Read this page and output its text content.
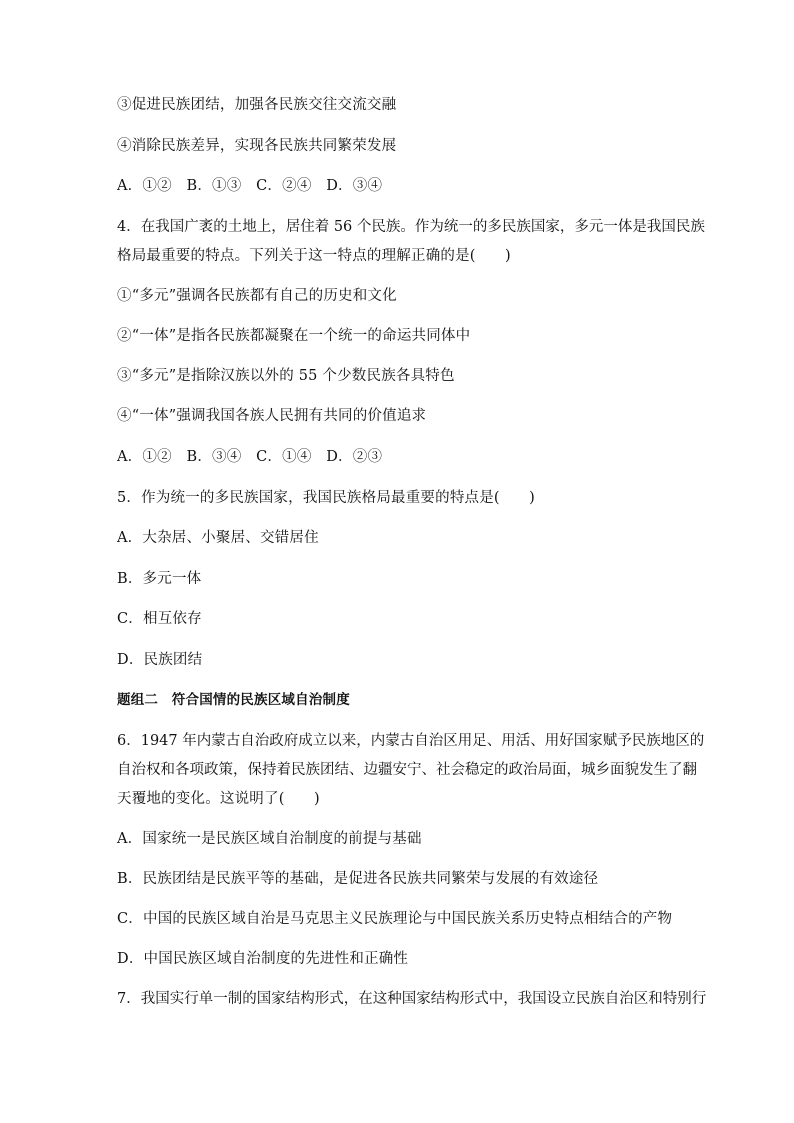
③促进民族团结，加强各民族交往交流交融
④消除民族差异，实现各民族共同繁荣发展
A．①②　B．①③　C．②④　D．③④
4．在我国广袤的土地上，居住着 56 个民族。作为统一的多民族国家，多元一体是我国民族
格局最重要的特点。下列关于这一特点的理解正确的是(　　)
①“多元”强调各民族都有自己的历史和文化
②“一体”是指各民族都凝聚在一个统一的命运共同体中
③“多元”是指除汉族以外的 55 个少数民族各具特色
④“一体”强调我国各族人民拥有共同的价值追求
A．①②　B．③④　C．①④　D．②③
5．作为统一的多民族国家，我国民族格局最重要的特点是(　　)
A．大杂居、小聚居、交错居住
B．多元一体
C．相互依存
D．民族团结
题组二　符合国情的民族区域自治制度
6．1947 年内蒙古自治政府成立以来，内蒙古自治区用足、用活、用好国家赋予民族地区的
自治权和各项政策，保持着民族团结、边疆安宁、社会稳定的政治局面，城乡面貌发生了翻
天覆地的变化。这说明了(　　)
A．国家统一是民族区域自治制度的前提与基础
B．民族团结是民族平等的基础，是促进各民族共同繁荣与发展的有效途径
C．中国的民族区域自治是马克思主义民族理论与中国民族关系历史特点相结合的产物
D．中国民族区域自治制度的先进性和正确性
7．我国实行单一制的国家结构形式，在这种国家结构形式中，我国设立民族自治区和特别行
